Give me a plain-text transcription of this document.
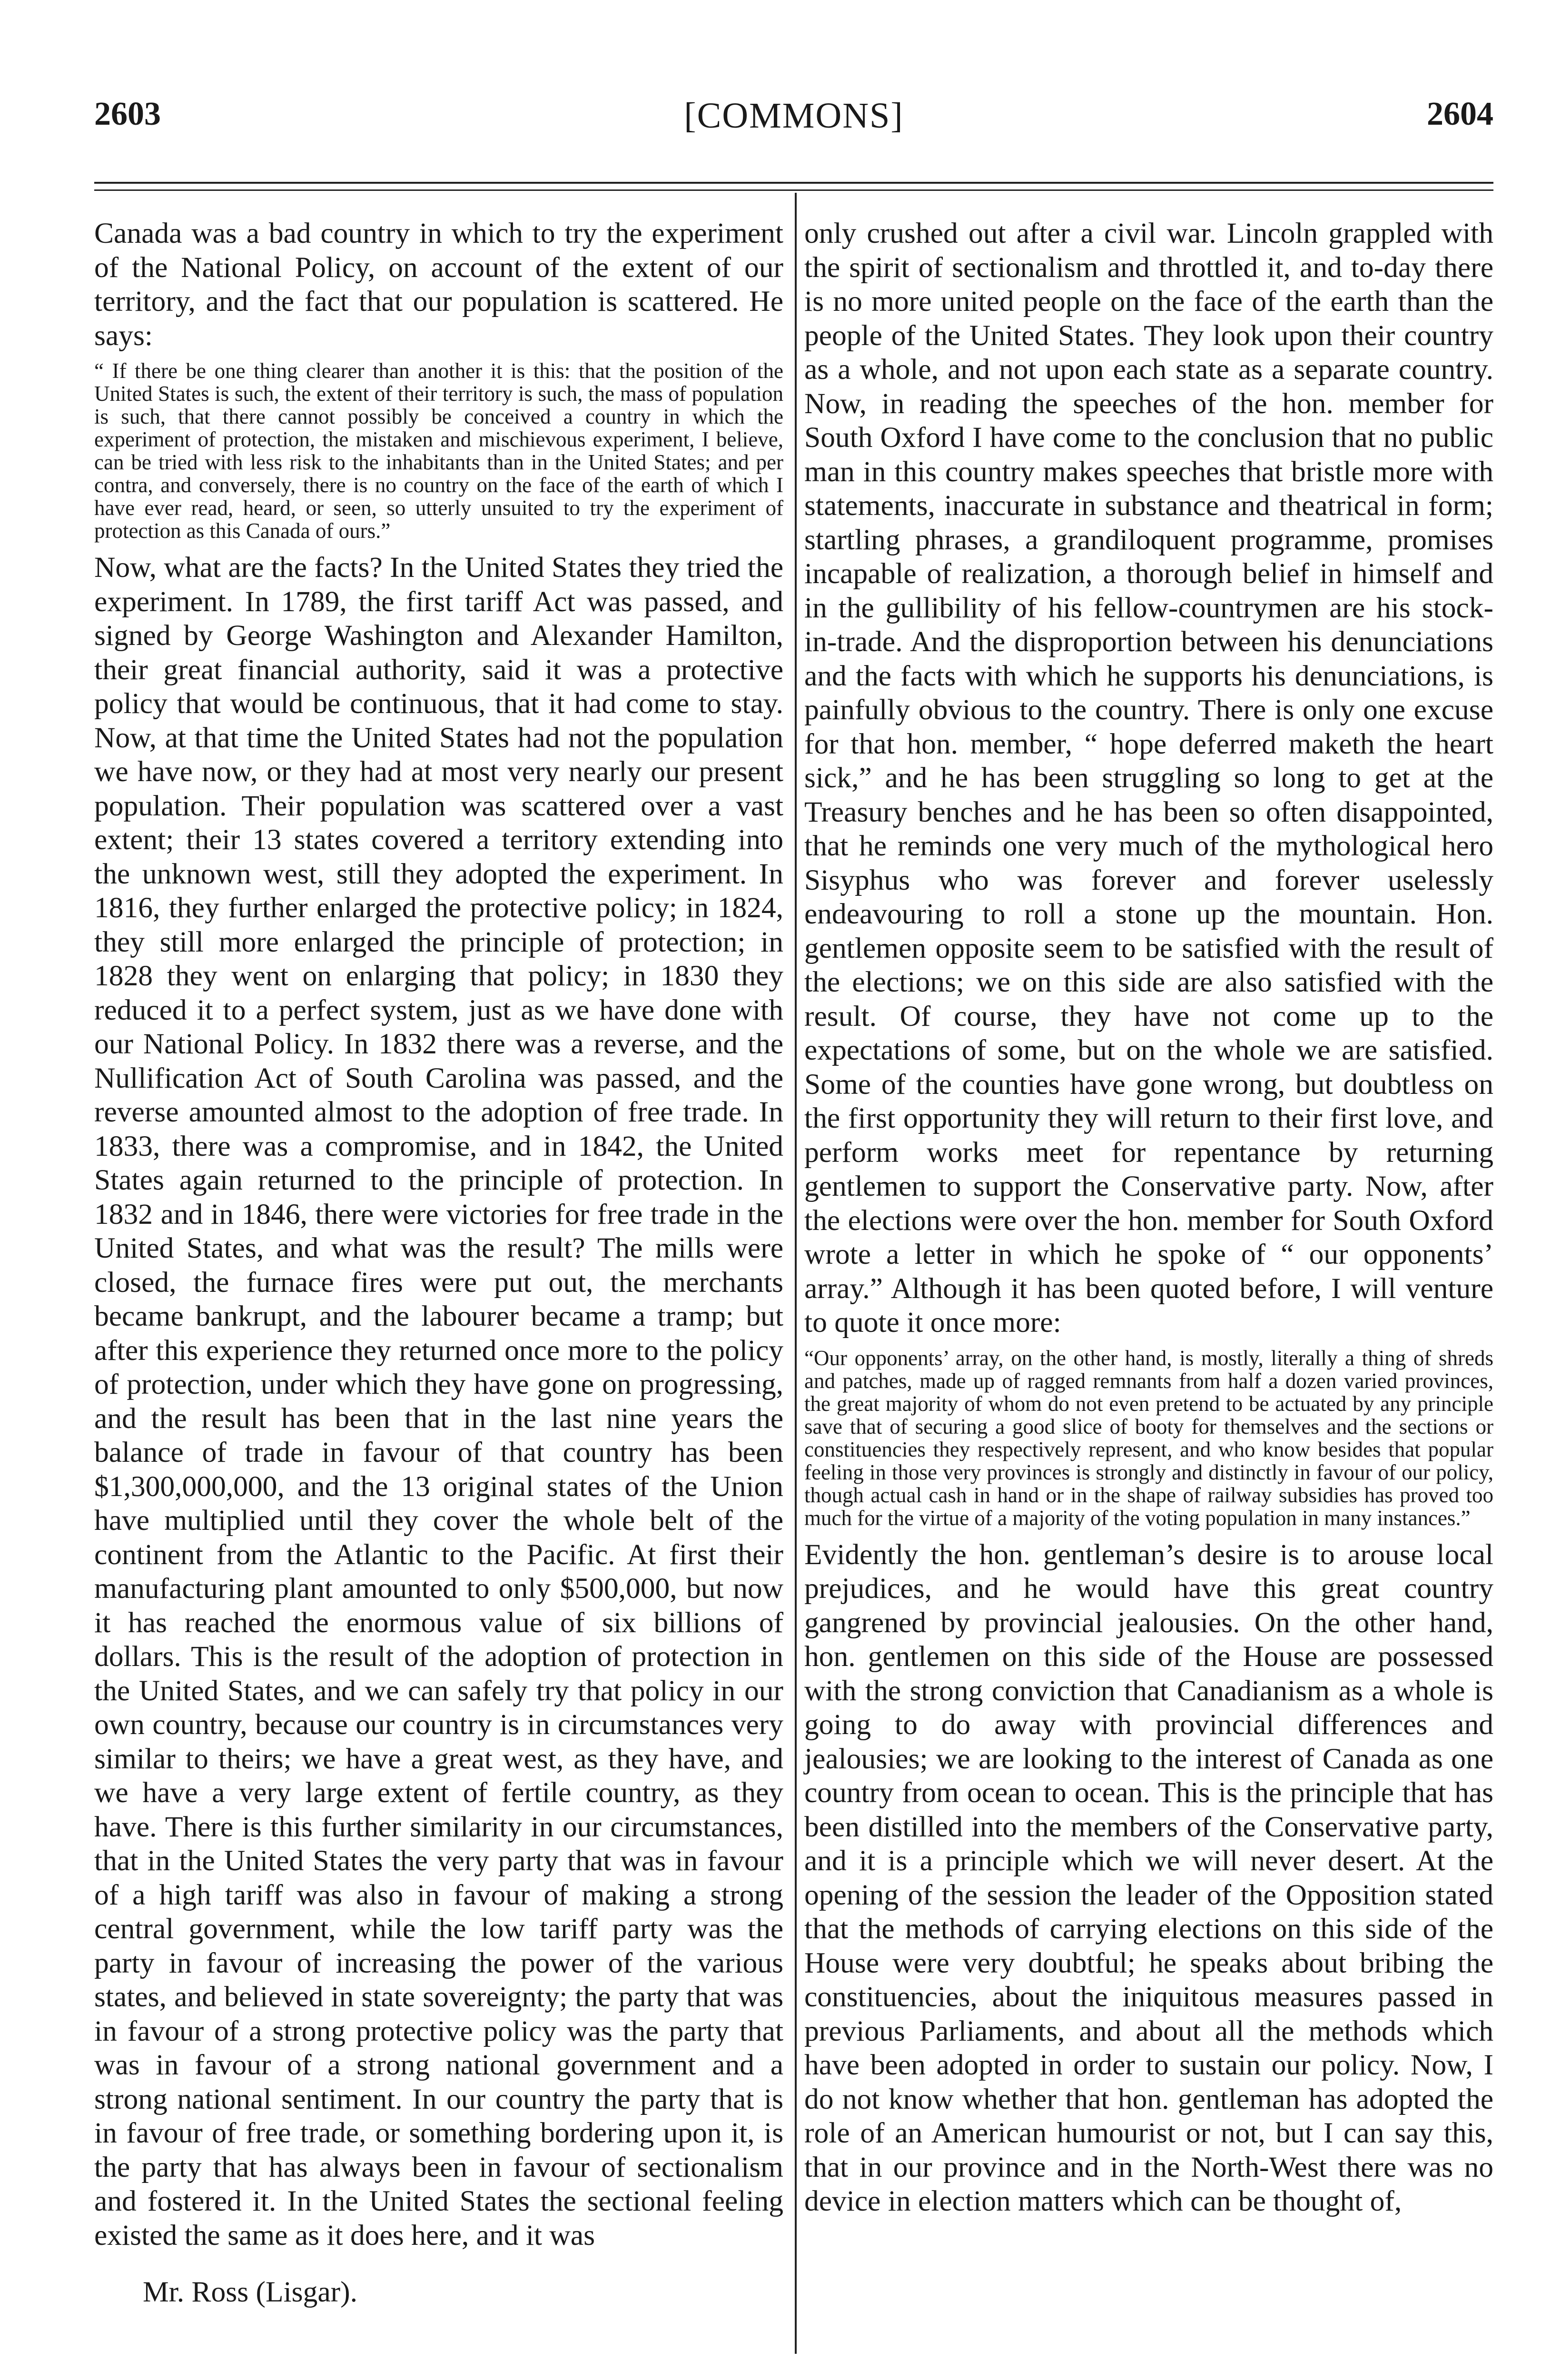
2603	[COMMONS]	2604

Canada was a bad country in which to try the experiment of the National Policy, on account of the extent of our territory, and the fact that our population is scattered. He says:

“ If there be one thing clearer than another it is this: that the position of the United States is such, the extent of their territory is such, the mass of population is such, that there cannot possibly be conceived a country in which the experiment of protection, the mistaken and mischievous experiment, I believe, can be tried with less risk to the inhabitants than in the United States; and per contra, and conversely, there is no country on the face of the earth of which I have ever read, heard, or seen, so utterly unsuited to try the experiment of protection as this Canada of ours.”

Now, what are the facts? In the United States they tried the experiment. In 1789, the first tariff Act was passed, and signed by George Washington and Alexander Hamilton, their great financial authority, said it was a protective policy that would be continuous, that it had come to stay. Now, at that time the United States had not the population we have now, or they had at most very nearly our present population. Their population was scattered over a vast extent; their 13 states covered a territory extending into the unknown west, still they adopted the experiment. In 1816, they further enlarged the protective policy; in 1824, they still more enlarged the principle of protection; in 1828 they went on enlarging that policy; in 1830 they reduced it to a perfect system, just as we have done with our National Policy. In 1832 there was a reverse, and the Nullification Act of South Carolina was passed, and the reverse amounted almost to the adoption of free trade. In 1833, there was a compromise, and in 1842, the United States again returned to the principle of protection. In 1832 and in 1846, there were victories for free trade in the United States, and what was the result? The mills were closed, the furnace fires were put out, the merchants became bankrupt, and the labourer became a tramp; but after this experience they returned once more to the policy of protection, under which they have gone on progressing, and the result has been that in the last nine years the balance of trade in favour of that country has been $1,300,000,000, and the 13 original states of the Union have multiplied until they cover the whole belt of the continent from the Atlantic to the Pacific. At first their manufacturing plant amounted to only $500,000, but now it has reached the enormous value of six billions of dollars. This is the result of the adoption of protection in the United States, and we can safely try that policy in our own country, because our country is in circumstances very similar to theirs; we have a great west, as they have, and we have a very large extent of fertile country, as they have. There is this further similarity in our circumstances, that in the United States the very party that was in favour of a high tariff was also in favour of making a strong central government, while the low tariff party was the party in favour of increasing the power of the various states, and believed in state sovereignty; the party that was in favour of a strong protective policy was the party that was in favour of a strong national government and a strong national sentiment. In our country the party that is in favour of free trade, or something bordering upon it, is the party that has always been in favour of sectionalism and fostered it. In the United States the sectional feeling existed the same as it does here, and it was

only crushed out after a civil war. Lincoln grappled with the spirit of sectionalism and throttled it, and to-day there is no more united people on the face of the earth than the people of the United States. They look upon their country as a whole, and not upon each state as a separate country. Now, in reading the speeches of the hon. member for South Oxford I have come to the conclusion that no public man in this country makes speeches that bristle more with statements, inaccurate in substance and theatrical in form; startling phrases, a grandiloquent programme, promises incapable of realization, a thorough belief in himself and in the gullibility of his fellow-countrymen are his stock-in-trade. And the disproportion between his denunciations and the facts with which he supports his denunciations, is painfully obvious to the country. There is only one excuse for that hon. member, “ hope deferred maketh the heart sick,” and he has been struggling so long to get at the Treasury benches and he has been so often disappointed, that he reminds one very much of the mythological hero Sisyphus who was forever and forever uselessly endeavouring to roll a stone up the mountain. Hon. gentlemen opposite seem to be satisfied with the result of the elections; we on this side are also satisfied with the result. Of course, they have not come up to the expectations of some, but on the whole we are satisfied. Some of the counties have gone wrong, but doubtless on the first opportunity they will return to their first love, and perform works meet for repentance by returning gentlemen to support the Conservative party. Now, after the elections were over the hon. member for South Oxford wrote a letter in which he spoke of “ our opponents’ array.” Although it has been quoted before, I will venture to quote it once more:

“Our opponents’ array, on the other hand, is mostly, literally a thing of shreds and patches, made up of ragged remnants from half a dozen varied provinces, the great majority of whom do not even pretend to be actuated by any principle save that of securing a good slice of booty for themselves and the sections or constituencies they respectively represent, and who know besides that popular feeling in those very provinces is strongly and distinctly in favour of our policy, though actual cash in hand or in the shape of railway subsidies has proved too much for the virtue of a majority of the voting population in many instances.”

Evidently the hon. gentleman’s desire is to arouse local prejudices, and he would have this great country gangrened by provincial jealousies. On the other hand, hon. gentlemen on this side of the House are possessed with the strong conviction that Canadianism as a whole is going to do away with provincial differences and jealousies; we are looking to the interest of Canada as one country from ocean to ocean. This is the principle that has been distilled into the members of the Conservative party, and it is a principle which we will never desert. At the opening of the session the leader of the Opposition stated that the methods of carrying elections on this side of the House were very doubtful; he speaks about bribing the constituencies, about the iniquitous measures passed in previous Parliaments, and about all the methods which have been adopted in order to sustain our policy. Now, I do not know whether that hon. gentleman has adopted the role of an American humourist or not, but I can say this, that in our province and in the North-West there was no device in election matters which can be thought of,

Mr. Ross (Lisgar).
